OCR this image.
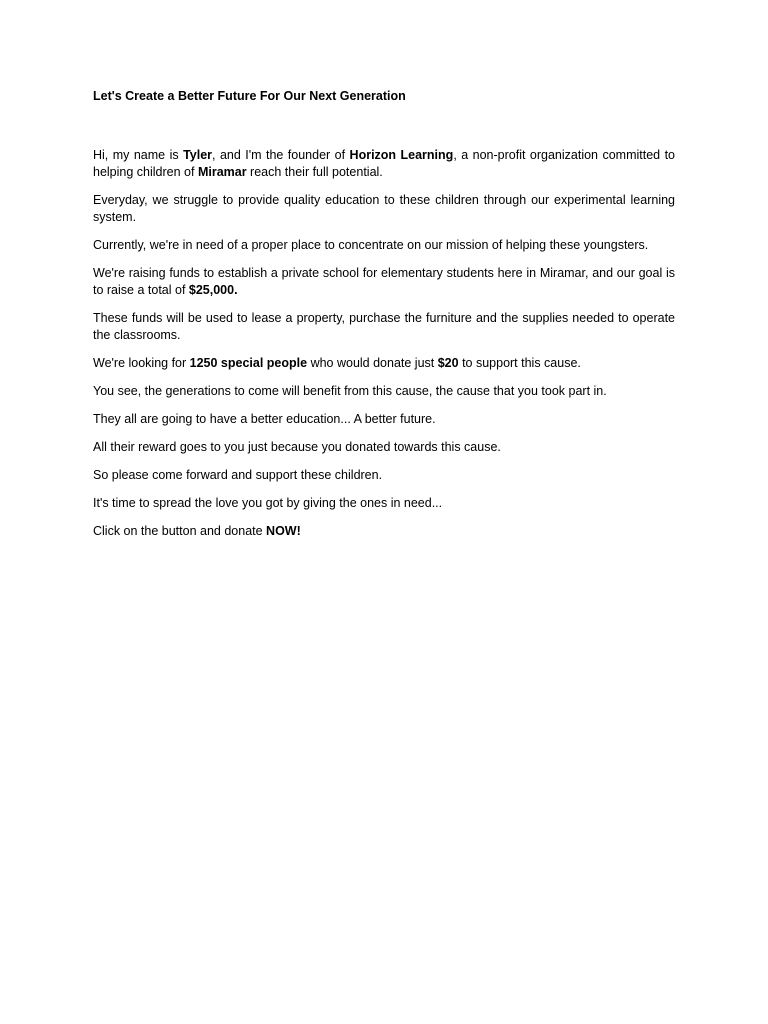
Let's Create a Better Future For Our Next Generation

Hi, my name is Tyler, and I'm the founder of Horizon Learning, a non-profit organization committed to helping children of Miramar reach their full potential.

Everyday, we struggle to provide quality education to these children through our experimental learning system.

Currently, we're in need of a proper place to concentrate on our mission of helping these youngsters.

We're raising funds to establish a private school for elementary students here in Miramar, and our goal is to raise a total of $25,000.

These funds will be used to lease a property, purchase the furniture and the supplies needed to operate the classrooms.

We're looking for 1250 special people who would donate just $20 to support this cause.

You see, the generations to come will benefit from this cause, the cause that you took part in.

They all are going to have a better education... A better future.

All their reward goes to you just because you donated towards this cause.

So please come forward and support these children.

It's time to spread the love you got by giving the ones in need...

Click on the button and donate NOW!
